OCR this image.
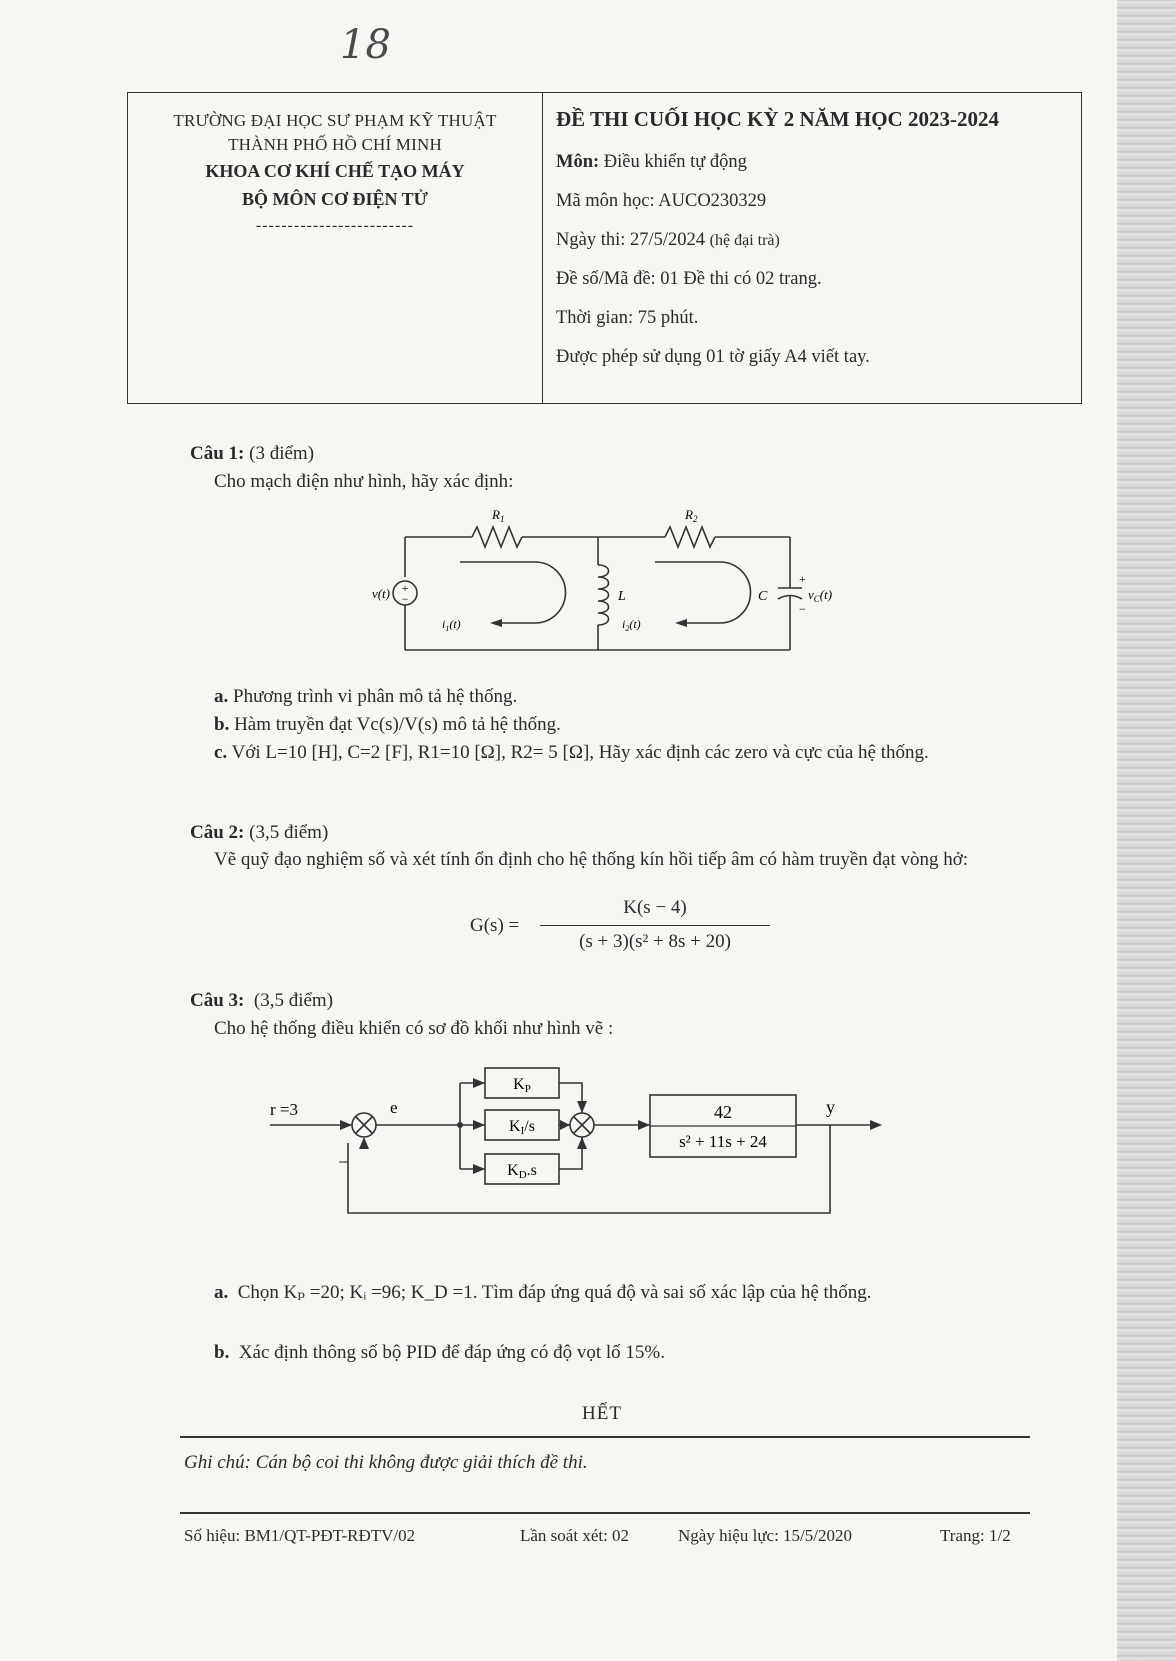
18
TRƯỜNG ĐẠI HỌC SƯ PHẠM KỸ THUẬT
THÀNH PHỐ HỒ CHÍ MINH
KHOA CƠ KHÍ CHẾ TẠO MÁY
BỘ MÔN CƠ ĐIỆN TỬ
-------------------------
ĐỀ THI CUỐI HỌC KỲ 2 NĂM HỌC 2023-2024
Môn: Điều khiển tự động
Mã môn học: AUCO230329
Ngày thi: 27/5/2024 (hệ đại trà)
Đề số/Mã đề: 01 Đề thi có 02 trang.
Thời gian: 75 phút.
Được phép sử dụng 01 tờ giấy A4 viết tay.
Câu 1: (3 điểm)
Cho mạch điện như hình, hãy xác định:
+
−
v(t)
$R_1$	$R_2$
L	C
+
−
$v_C(t)$
$i_1(t)$	$i_2(t)$
a. Phương trình vi phân mô tả hệ thống.
b. Hàm truyền đạt Vc(s)/V(s) mô tả hệ thống.
c. Với L=10 [H], C=2 [F], R1=10 [Ω], R2= 5 [Ω], Hãy xác định các zero và cực của hệ thống.
Câu 2: (3,5 điểm)
Vẽ quỹ đạo nghiệm số và xét tính ổn định cho hệ thống kín hồi tiếp âm có hàm truyền đạt vòng hở:
G(s) =
K(s − 4)
(s + 3)(s² + 8s + 20)
Câu 3: (3,5 điểm)
Cho hệ thống điều khiển có sơ đồ khối như hình vẽ :
r =3	e
−
KP
KI/s
KD.s
42
s² + 11s + 24
y
a. Chọn Kₚ =20; Kᵢ =96; K_D =1. Tìm đáp ứng quá độ và sai số xác lập của hệ thống.
b. Xác định thông số bộ PID để đáp ứng có độ vọt lố 15%.
HẾT
Ghi chú: Cán bộ coi thi không được giải thích đề thi.
Số hiệu: BM1/QT-PĐT-RĐTV/02	Lần soát xét: 02	Ngày hiệu lực: 15/5/2020	Trang: 1/2
